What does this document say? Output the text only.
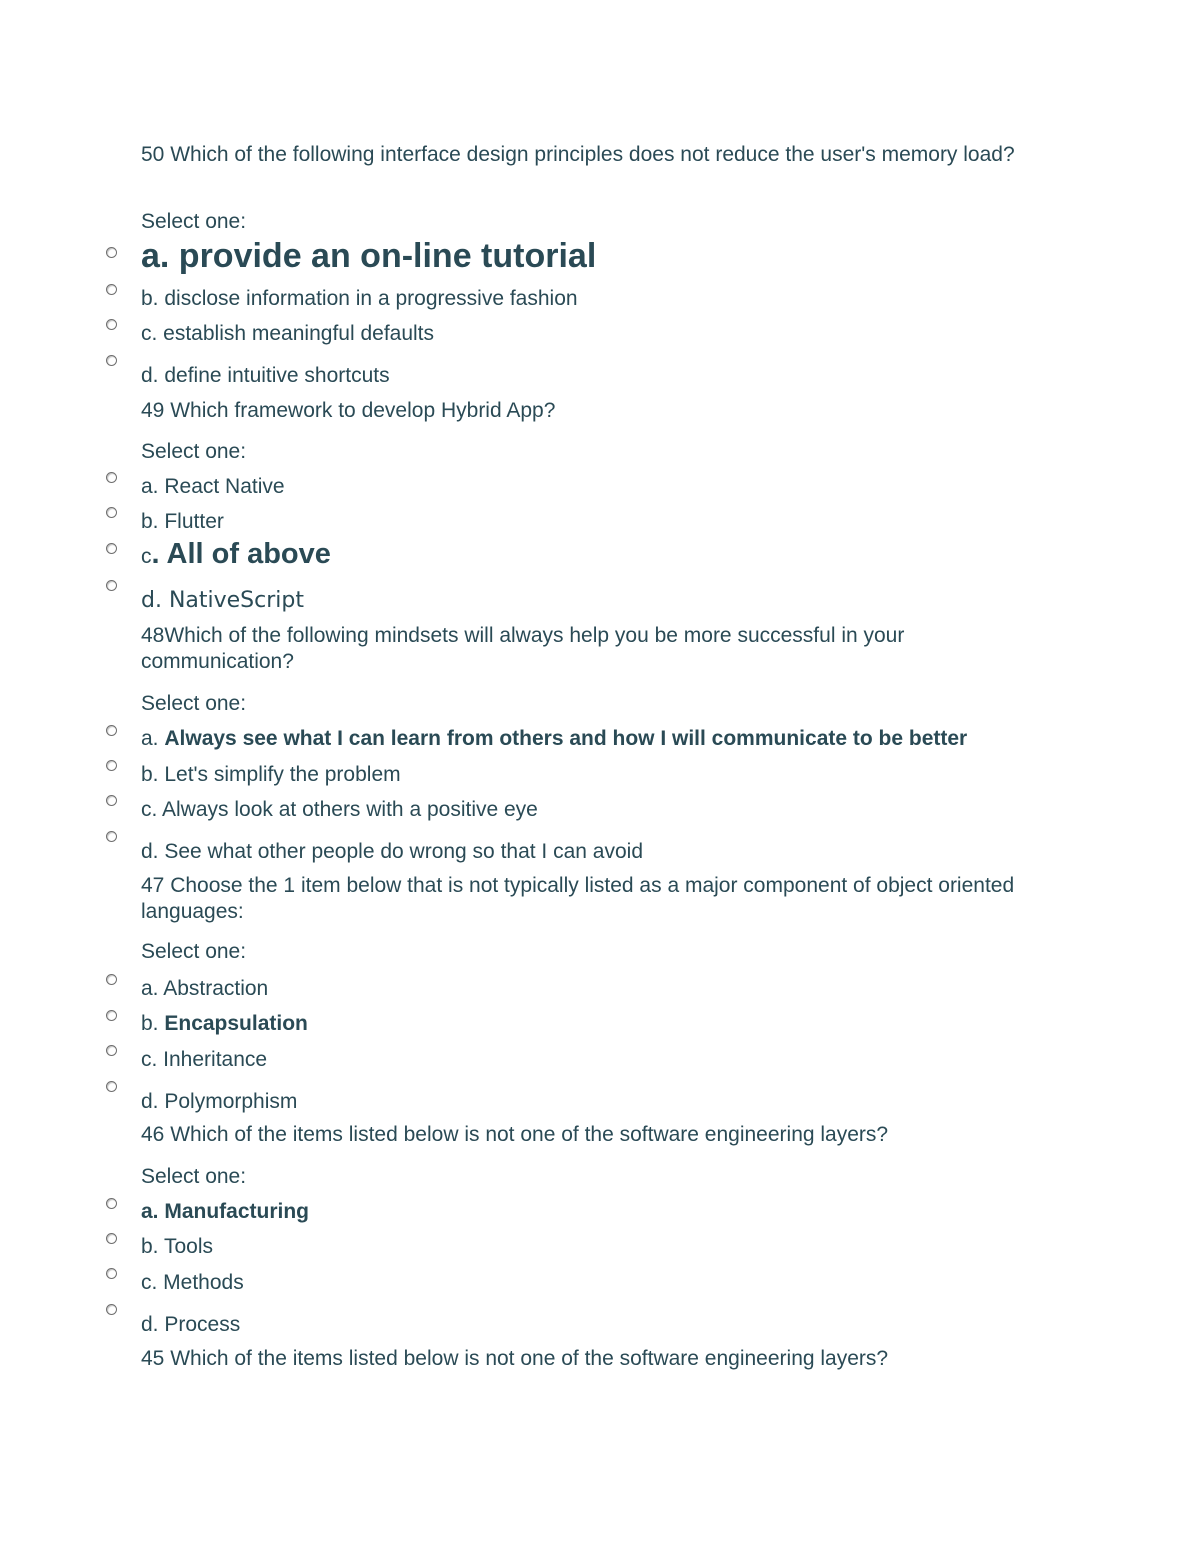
50 Which of the following interface design principles does not reduce the user's memory load?
Select one:
a. provide an on-line tutorial
b. disclose information in a progressive fashion
c. establish meaningful defaults
d. define intuitive shortcuts
49 Which framework to develop Hybrid App?
Select one:
a. React Native
b. Flutter
c. All of above
d. NativeScript
48Which of the following mindsets will always help you be more successful in your communication?
Select one:
a. Always see what I can learn from others and how I will communicate to be better
b. Let's simplify the problem
c. Always look at others with a positive eye
d. See what other people do wrong so that I can avoid
47 Choose the 1 item below that is not typically listed as a major component of object oriented languages:
Select one:
a. Abstraction
b. Encapsulation
c. Inheritance
d. Polymorphism
46 Which of the items listed below is not one of the software engineering layers?
Select one:
a. Manufacturing
b. Tools
c. Methods
d. Process
45 Which of the items listed below is not one of the software engineering layers?
